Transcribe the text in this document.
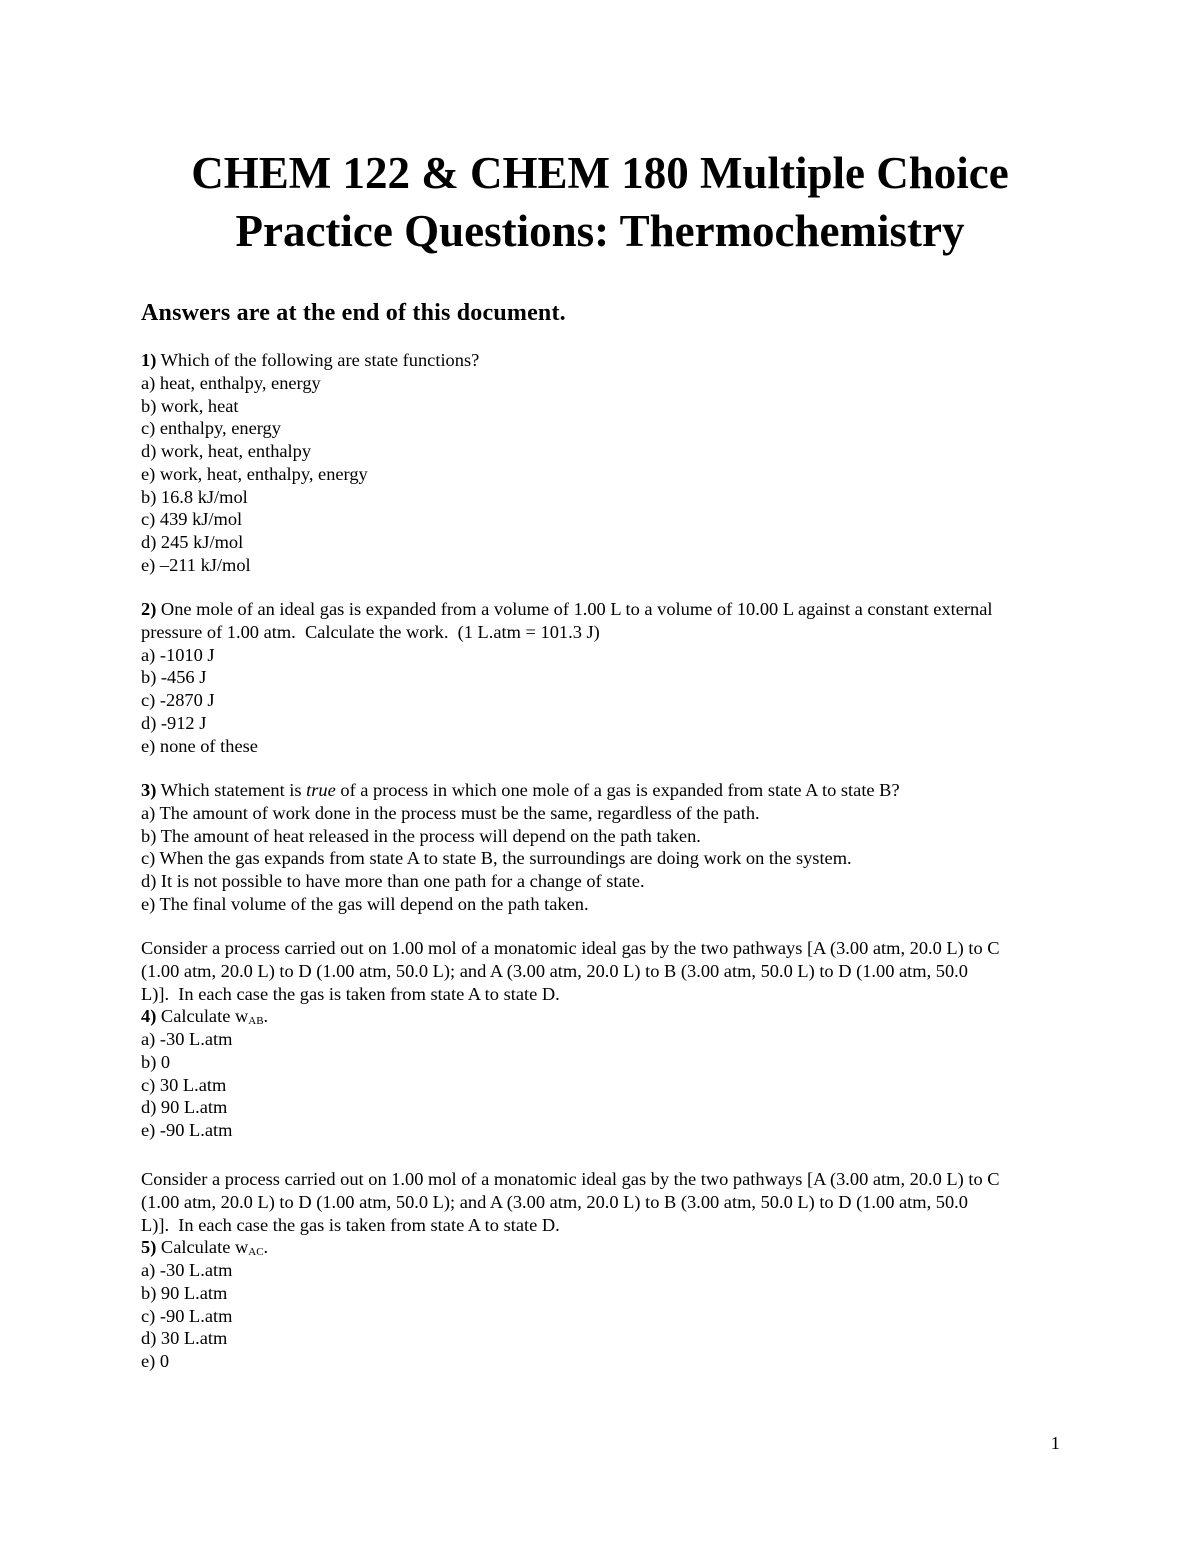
CHEM 122 & CHEM 180 Multiple Choice
Practice Questions: Thermochemistry

Answers are at the end of this document.

1) Which of the following are state functions?
a) heat, enthalpy, energy
b) work, heat
c) enthalpy, energy
d) work, heat, enthalpy
e) work, heat, enthalpy, energy
b) 16.8 kJ/mol
c) 439 kJ/mol
d) 245 kJ/mol
e) –211 kJ/mol
2) One mole of an ideal gas is expanded from a volume of 1.00 L to a volume of 10.00 L against a constant external
pressure of 1.00 atm.  Calculate the work.  (1 L.atm = 101.3 J)
a) -1010 J
b) -456 J
c) -2870 J
d) -912 J
e) none of these
3) Which statement is true of a process in which one mole of a gas is expanded from state A to state B?
a) The amount of work done in the process must be the same, regardless of the path.
b) The amount of heat released in the process will depend on the path taken.
c) When the gas expands from state A to state B, the surroundings are doing work on the system.
d) It is not possible to have more than one path for a change of state.
e) The final volume of the gas will depend on the path taken.
Consider a process carried out on 1.00 mol of a monatomic ideal gas by the two pathways [A (3.00 atm, 20.0 L) to C
(1.00 atm, 20.0 L) to D (1.00 atm, 50.0 L); and A (3.00 atm, 20.0 L) to B (3.00 atm, 50.0 L) to D (1.00 atm, 50.0
L)].  In each case the gas is taken from state A to state D.
4) Calculate wAB.
a) -30 L.atm
b) 0
c) 30 L.atm
d) 90 L.atm
e) -90 L.atm
Consider a process carried out on 1.00 mol of a monatomic ideal gas by the two pathways [A (3.00 atm, 20.0 L) to C
(1.00 atm, 20.0 L) to D (1.00 atm, 50.0 L); and A (3.00 atm, 20.0 L) to B (3.00 atm, 50.0 L) to D (1.00 atm, 50.0
L)].  In each case the gas is taken from state A to state D.
5) Calculate wAC.
a) -30 L.atm
b) 90 L.atm
c) -90 L.atm
d) 30 L.atm
e) 0
1
